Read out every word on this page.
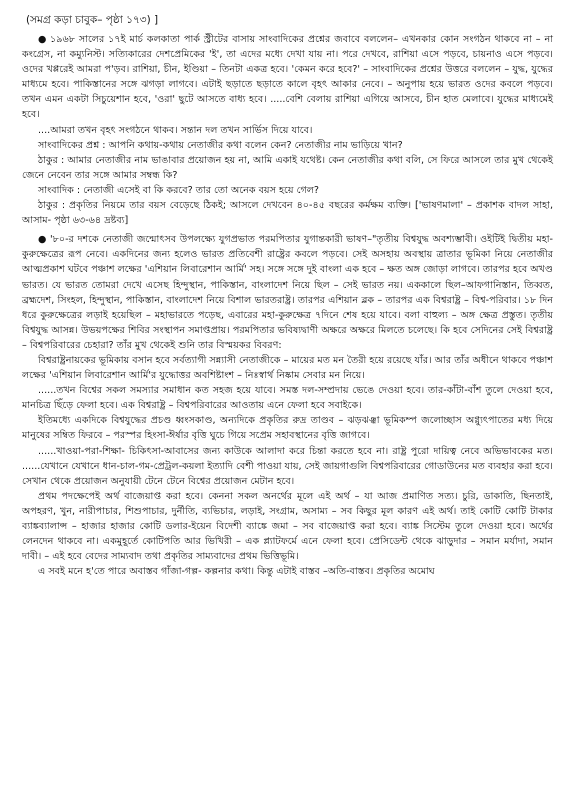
(সমগ্র কড়া চাবুক– পৃষ্ঠা ১৭৩) ]

● ১৯৬৮ সালের ১৭ই মার্চ কলকাতা পার্ক স্ট্রীটের বাসায় সাংবাদিকের প্রশ্নের জবাবে বললেন– এখনকার কোন সংগঠন থাকবে না – না কংগ্রেস, না কম্যুনিস্ট। সত্যিকারের দেশপ্রেমিকের 'ই', তা এদের মধ্যে দেখা যায় না। পরে দেখবে, রাশিয়া এসে পড়বে, চায়নাও এসে পড়বে। ওদের খপ্পরেই আমরা প'ড়ব। রাশিয়া, চীন, ইণ্ডিয়া – তিনটা একত্র হবে। 'কেমন করে হবে?' – সাংবাদিকের প্রশ্নের উত্তরে বললেন – যুদ্ধ, যুদ্ধের মাধ্যমে হবে। পাকিস্তানের সঙ্গে ঝগড়া লাগবে। এটাই ছড়াতে ছড়াতে কালে বৃহৎ আকার নেবে। – অনুপায় হয়ে ভারত ওদের কবলে পড়বে। তখন এমন একটা সিচুয়েশান হবে, 'ওরা' ছুটে আসতে বাধ্য হবে। .....বেশি বেলায় রাশিয়া এগিয়ে আসবে, চীন হাত মেলাবে। যুদ্ধের মাধ্যমেই হবে।

....আমরা তখন বৃহৎ সংগঠনে থাকব। সন্তান দল তখন সার্ভিস দিয়ে যাবে।

সাংবাদিকের প্রশ্ন : আপনি কথায়-কথায় নেতাজীর কথা বলেন কেন? নেতাজীর নাম ভাড়িয়ে খান?

ঠাকুর : আমার নেতাজীর নাম ভাঙাবার প্রয়োজন হয় না, আমি একাই যথেষ্ট। কেন নেতাজীর কথা বলি, সে ফিরে আসলে তার মুখ থেকেই জেনে নেবেন তার সঙ্গে আমার সম্বন্ধ কি?

সাংবাদিক : নেতাজী এসেই বা কি করবে? তার তো অনেক বয়স হয়ে গেল?

ঠাকুর : প্রকৃতির নিয়মে তার বয়স বেড়েছে ঠিকই; আসলে দেখবেন ৪০-৪৫ বছরের কর্মক্ষম ব্যক্তি। ['ভাষণমালা' – প্রকাশক বাদল সাহা, আসাম- পৃষ্ঠা ৬৩-৬৪ দ্রষ্টব্য]

● '৮০-র দশকে নেতাজী জন্মোৎসব উপলক্ষ্যে যুগপ্রভাত পরমপিতার যুগান্তকারী ভাষণ–"তৃতীয় বিশ্বযুদ্ধ অবশ্যম্ভাবী। ওইটিই দ্বিতীয় মহা-কুরুক্ষেত্রের রূপ নেবে। একদিনের জন্য হলেও ভারত প্রতিবেশী রাষ্ট্রের কবলে পড়বে। সেই অসহায় অবস্থায় ত্রাতার ভূমিকা নিয়ে নেতাজীর আত্মপ্রকাশ ঘটবে পঞ্চাশ লক্ষের 'এশিয়ান লিবারেশান আর্মি' সহ। সঙ্গে সঙ্গে দুই বাংলা এক হবে – ক্ষত অঙ্গ জোড়া লাগবে। তারপর হবে অখণ্ড ভারত। যে ভারত তোমরা দেখে এসেছ হিন্দুস্থান, পাকিস্তান, বাংলাদেশ নিয়ে ছিল – সেই ভারত নয়। এককালে ছিল–আফগানিস্তান, তিব্বত, ব্রহ্মদেশ, সিংহল, হিন্দুস্থান, পাকিস্তান, বাংলাদেশ নিয়ে বিশাল ভারতরাষ্ট্র। তারপর এশিয়ান ব্লক – তারপর এক বিশ্বরাষ্ট্র – বিশ্ব-পরিবার। ১৮ দিন ধরে কুরুক্ষেত্রের লড়াই হয়েছিল – মহাভারতে পড়েছ, এবারের মহা-কুরুক্ষেত্র ৭দিনে শেষ হয়ে যাবে। বলা বাহুল্য – অঙ্গ ক্ষেত্র প্রস্তুত। তৃতীয় বিশ্বযুদ্ধ আসন্ন। উভয়পক্ষের শিবির সংস্থাপন সমাপ্তপ্রায়। পরমপিতার ভবিষ্যদ্বাণী অক্ষরে অক্ষরে মিলতে চলেছে। কি হবে সেদিনের সেই বিশ্বরাষ্ট্র – বিশ্বপরিবারের চেহারা? তাঁর মুখ থেকেই শুনি তার বিস্ময়কর বিবরণ:

বিশ্বরাষ্ট্রনায়কের ভূমিকায় বসান হবে সর্বত্যাগী সন্ন্যাসী নেতাজীকে – মায়ের মত মন তৈরী হয়ে রয়েছে যাঁর। আর তাঁর অধীনে থাকবে পঞ্চাশ লক্ষের 'এশিয়ান লিবারেশান আর্মি'র যুদ্ধোত্তর অবশিষ্টাংশ – নিঃস্বার্থ নিষ্কাম সেবার মন নিয়ে।

......তখন বিশ্বের সকল সমস্যার সমাধান কত সহজ হয়ে যাবে। সমস্ত দল-সম্প্রদায় ভেঙে দেওয়া হবে। তার-কাঁটা-বাঁশ তুলে দেওয়া হবে, মানচিত্র ছিঁড়ে ফেলা হবে। এক বিশ্বরাষ্ট্র – বিশ্বপরিবারের আওতায় এনে ফেলা হবে সবাইকে।

ইতিমধ্যে একদিকে বিশ্বযুদ্ধের প্রচণ্ড ধ্বংসকাণ্ড, অন্যদিকে প্রকৃতির রুদ্র তাণ্ডব – ঝড়ঝঞ্ঝা ভূমিকম্প জলোচ্ছাস অগ্ন্যুৎপাতের মধ্য দিয়ে মানুষের সম্বিত ফিরবে – পরস্পর হিংসা-ঈর্ষার বৃত্তি ঘুচে গিয়ে সপ্রেম সহাবস্থানের বৃত্তি জাগবে।

......খাওয়া-পরা-শিক্ষা- চিকিৎসা-আবাসের জন্য কাউকে আলাদা করে চিন্তা করতে হবে না। রাষ্ট্র পুরো দায়িত্ব নেবে অভিভাবকের মত। ......যেখানে যেখানে ধান-চাল-গম-প্রেট্রল-কয়লা ইত্যাদি বেশী পাওয়া যায়, সেই জায়গাগুলি বিশ্বপরিবারের গোডাউনের মত ব্যবহার করা হবে। সেখান থেকে প্রয়োজন অনুযায়ী টেনে টেনে বিশ্বের প্রয়োজন মেটান হবে।

প্রথম পদক্ষেপেই অর্থ বাজেয়াপ্ত করা হবে। কেননা সকল অনর্থের মূলে এই অর্থ – যা আজ প্রমাণিত সত্য। চুরি, ডাকাতি, ছিনতাই, অপহরণ, খুন, নারীপাচার, শিশুপাচার, দুর্নীতি, ব্যভিচার, লড়াই, সংগ্রাম, অসাম্য – সব কিছুর মূল কারণ এই অর্থ। তাই কোটি কোটি টাকার ব্যাঙ্কব্যালান্স – হাজার হাজার কোটি ডলার-ইয়েন বিদেশী ব্যাঙ্কে জমা – সব বাজেয়াপ্ত করা হবে। ব্যাঙ্ক সিস্টেম তুলে দেওয়া হবে। অর্থের লেনদেন থাকবে না। একমুহূর্তে কোটিপতি আর ভিখিরী – এক প্ল্যাটফর্মে এনে ফেলা হবে। প্রেসিডেন্ট থেকে ঝাড়ুদার – সমান মর্যাদা, সমান দাবী। – এই হবে বেদের সাম্যবাদ তথা প্রকৃতির সাম্যবাদের প্রথম ভিত্তিভূমি।

এ সবই মনে হ'তে পারে অবাস্তব গাঁজা-গল্প- কল্পনার কথা। কিন্তু এটাই বাস্তব –অতি-বাস্তব। প্রকৃতির অমোঘ
